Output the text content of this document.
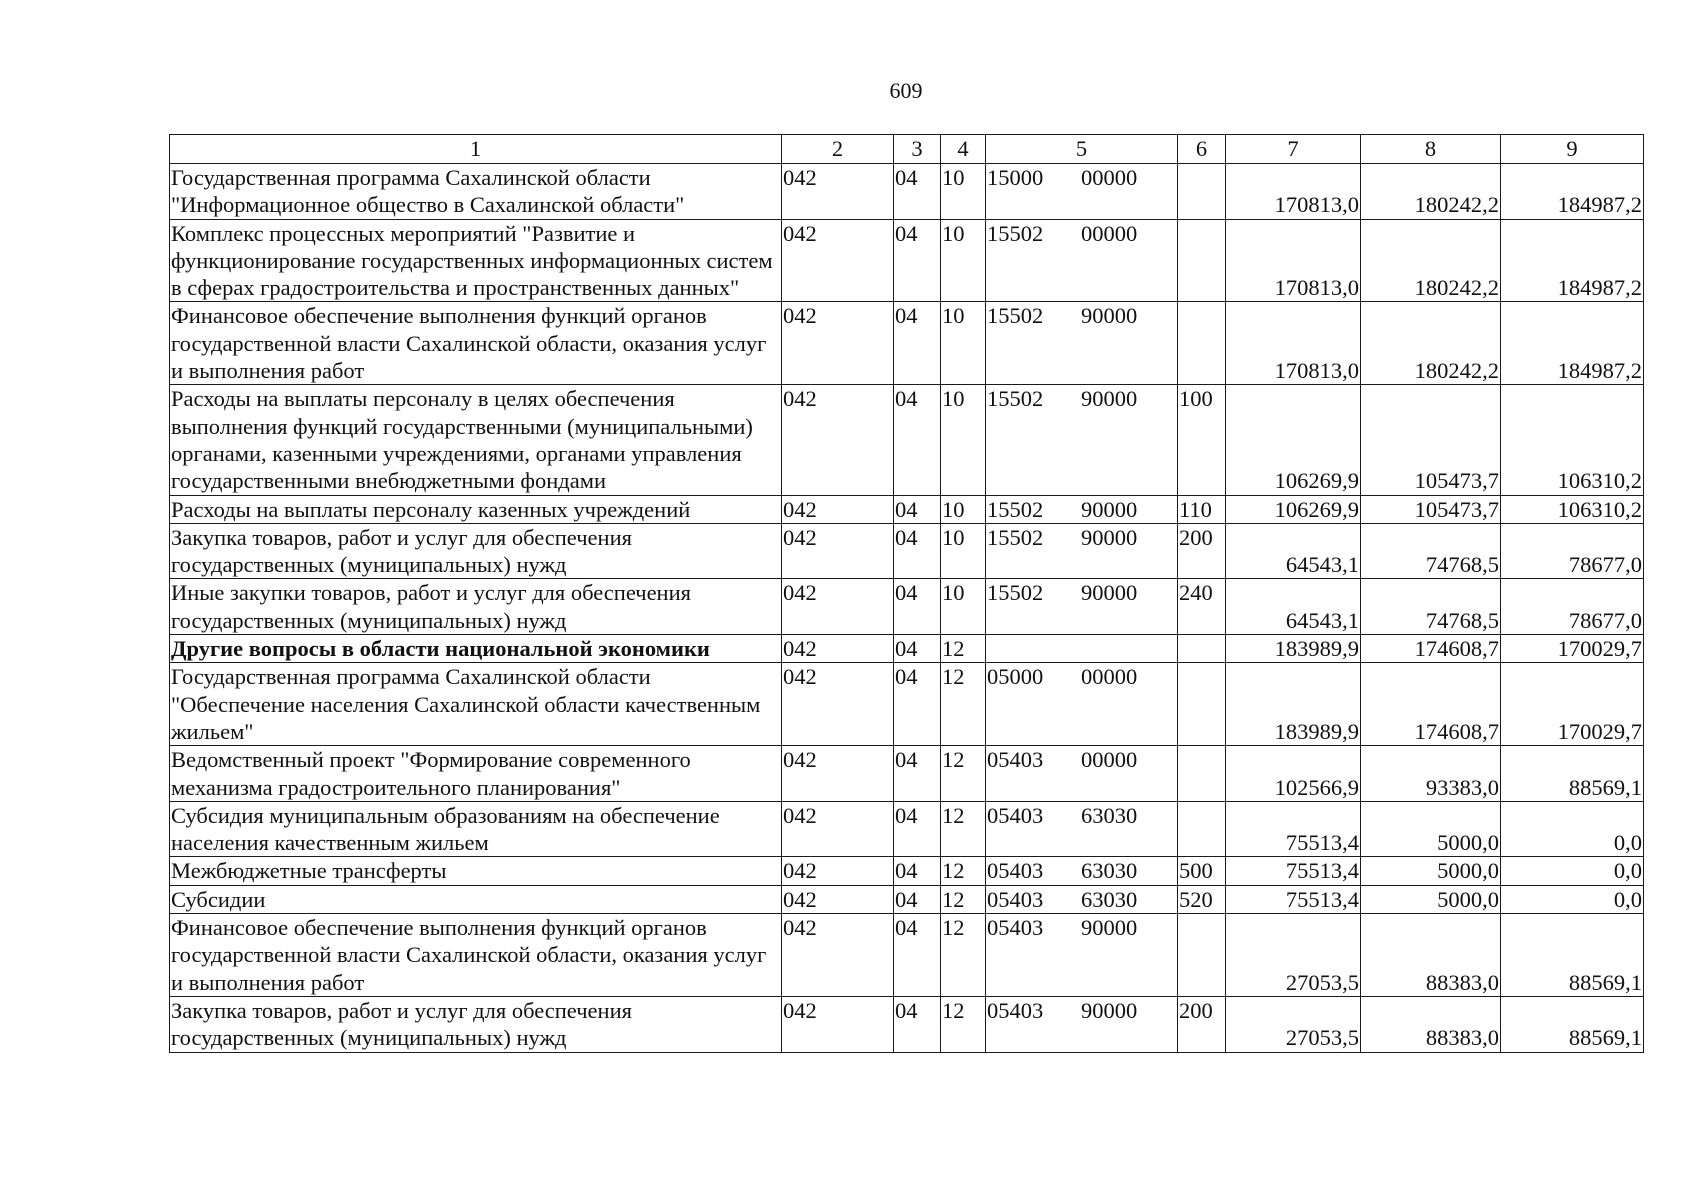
609
1	2	3	4	5	6	7	8	9
Государственная программа Сахалинской области "Информационное общество в Сахалинской области"	042	04	10	15000 00000		170813,0	180242,2	184987,2
Комплекс процессных мероприятий "Развитие и функционирование государственных информационных систем в сферах градостроительства и пространственных данных"	042	04	10	15502 00000		170813,0	180242,2	184987,2
Финансовое обеспечение выполнения функций органов государственной власти Сахалинской области, оказания услуг и выполнения работ	042	04	10	15502 90000		170813,0	180242,2	184987,2
Расходы на выплаты персоналу в целях обеспечения выполнения функций государственными (муниципальными) органами, казенными учреждениями, органами управления государственными внебюджетными фондами	042	04	10	15502 90000	100	106269,9	105473,7	106310,2
Расходы на выплаты персоналу казенных учреждений	042	04	10	15502 90000	110	106269,9	105473,7	106310,2
Закупка товаров, работ и услуг для обеспечения государственных (муниципальных) нужд	042	04	10	15502 90000	200	64543,1	74768,5	78677,0
Иные закупки товаров, работ и услуг для обеспечения государственных (муниципальных) нужд	042	04	10	15502 90000	240	64543,1	74768,5	78677,0
Другие вопросы в области национальной экономики	042	04	12			183989,9	174608,7	170029,7
Государственная программа Сахалинской области "Обеспечение населения Сахалинской области качественным жильем"	042	04	12	05000 00000		183989,9	174608,7	170029,7
Ведомственный проект "Формирование современного механизма градостроительного планирования"	042	04	12	05403 00000		102566,9	93383,0	88569,1
Субсидия муниципальным образованиям на обеспечение населения качественным жильем	042	04	12	05403 63030		75513,4	5000,0	0,0
Межбюджетные трансферты	042	04	12	05403 63030	500	75513,4	5000,0	0,0
Субсидии	042	04	12	05403 63030	520	75513,4	5000,0	0,0
Финансовое обеспечение выполнения функций органов государственной власти Сахалинской области, оказания услуг и выполнения работ	042	04	12	05403 90000		27053,5	88383,0	88569,1
Закупка товаров, работ и услуг для обеспечения государственных (муниципальных) нужд	042	04	12	05403 90000	200	27053,5	88383,0	88569,1
